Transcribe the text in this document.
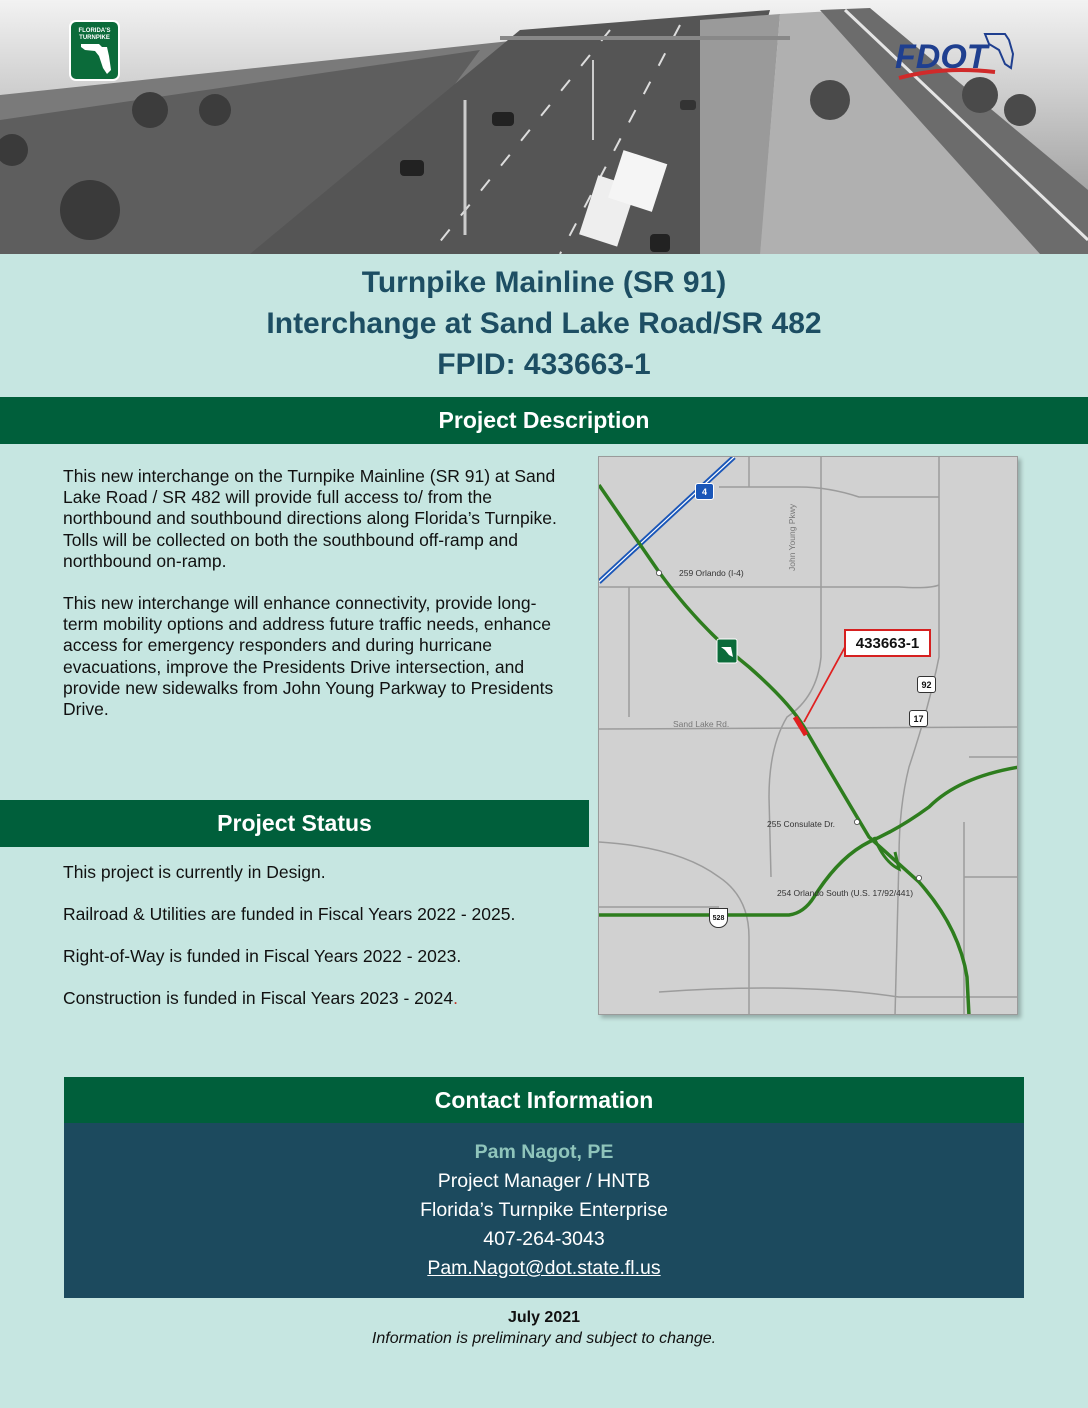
FLORIDA'S
TURNPIKE	FDOT
Turnpike Mainline (SR 91)
Interchange at Sand Lake Road/SR 482
FPID: 433663-1
Project Description

This new interchange on the Turnpike Mainline (SR 91) at Sand Lake Road / SR 482 will provide full access to/ from the northbound and southbound directions along Florida’s Turnpike. Tolls will be collected on both the southbound off-ramp and northbound on-ramp.

This new interchange will enhance connectivity, provide long-term mobility options and address future traffic needs, enhance access for emergency responders and during hurricane evacuations, improve the Presidents Drive intersection, and provide new sidewalks from John Young Parkway to Presidents Drive.

Project Status

This project is currently in Design.

Railroad & Utilities are funded in Fiscal Years 2022 - 2025.

Right-of-Way is funded in Fiscal Years 2022 - 2023.

Construction is funded in Fiscal Years 2023 - 2024.

259 Orlando (I-4)
John Young Pkwy
Sand Lake Rd.
255 Consulate Dr.
254 Orlando South (U.S. 17/92/441)
433663-1
4
92
17
528
Contact Information
Pam Nagot, PE
Project Manager / HNTB
Florida’s Turnpike Enterprise
407-264-3043
Pam.Nagot@dot.state.fl.us
July 2021
Information is preliminary and subject to change.
